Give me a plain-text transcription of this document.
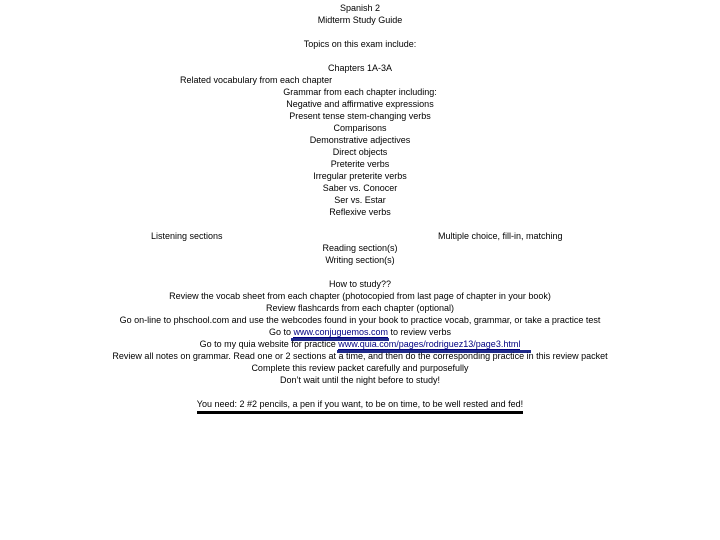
Spanish 2
Midterm Study Guide
Topics on this exam include:
Chapters 1A-3A
Related vocabulary from each chapter
Grammar from each chapter including:
Negative and affirmative expressions
Present tense stem-changing verbs
Comparisons
Demonstrative adjectives
Direct objects
Preterite verbs
Irregular preterite verbs
Saber vs. Conocer
Ser vs. Estar
Reflexive verbs
Listening sections	Multiple choice, fill-in, matching
Reading section(s)
Writing section(s)
How to study??
Review the vocab sheet from each chapter (photocopied from last page of chapter in your book)
Review flashcards from each chapter (optional)
Go on-line to phschool.com and use the webcodes found in your book to practice vocab, grammar, or take a practice test
Go to www.conjuguemos.com to review verbs
Go to my quia website for practice www.quia.com/pages/rodriguez13/page3.html
Review all notes on grammar. Read one or 2 sections at a time, and then do the corresponding practice in this review packet
Complete this review packet carefully and purposefully
Don’t wait until the night before to study!
You need: 2 #2 pencils, a pen if you want, to be on time, to be well rested and fed!
